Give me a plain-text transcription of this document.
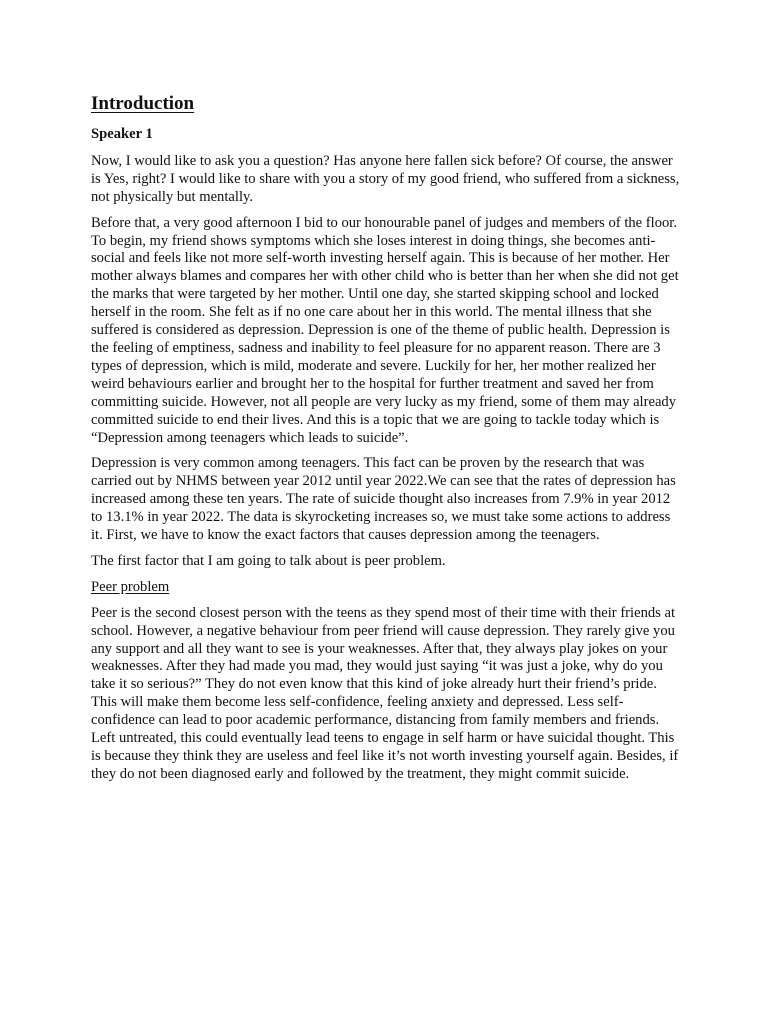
Introduction
Speaker 1

Now, I would like to ask you a question? Has anyone here fallen sick before? Of course, the answer is Yes, right? I would like to share with you a story of my good friend, who suffered from a sickness, not physically but mentally.

Before that, a very good afternoon I bid to our honourable panel of judges and members of the floor. To begin, my friend shows symptoms which she loses interest in doing things, she becomes anti-social and feels like not more self-worth investing herself again. This is because of her mother. Her mother always blames and compares her with other child who is better than her when she did not get the marks that were targeted by her mother. Until one day, she started skipping school and locked herself in the room. She felt as if no one care about her in this world. The mental illness that she suffered is considered as depression. Depression is one of the theme of public health. Depression is the feeling of emptiness, sadness and inability to feel pleasure for no apparent reason. There are 3 types of depression, which is mild, moderate and severe. Luckily for her, her mother realized her weird behaviours earlier and brought her to the hospital for further treatment and saved her from committing suicide. However, not all people are very lucky as my friend, some of them may already committed suicide to end their lives. And this is a topic that we are going to tackle today which is “Depression among teenagers which leads to suicide”.

Depression is very common among teenagers. This fact can be proven by the research that was carried out by NHMS between year 2012 until year 2022.We can see that the rates of depression has increased among these ten years. The rate of suicide thought also increases from 7.9% in year 2012 to 13.1% in year 2022. The data is skyrocketing increases so, we must take some actions to address it. First, we have to know the exact factors that causes depression among the teenagers.

The first factor that I am going to talk about is peer problem.

Peer problem

Peer is the second closest person with the teens as they spend most of their time with their friends at school. However, a negative behaviour from peer friend will cause depression. They rarely give you any support and all they want to see is your weaknesses. After that, they always play jokes on your weaknesses. After they had made you mad, they would just saying “it was just a joke, why do you take it so serious?” They do not even know that this kind of joke already hurt their friend’s pride. This will make them become less self-confidence, feeling anxiety and depressed. Less self-confidence can lead to poor academic performance, distancing from family members and friends. Left untreated, this could eventually lead teens to engage in self harm or have suicidal thought. This is because they think they are useless and feel like it’s not worth investing yourself again. Besides, if they do not been diagnosed early and followed by the treatment, they might commit suicide.
